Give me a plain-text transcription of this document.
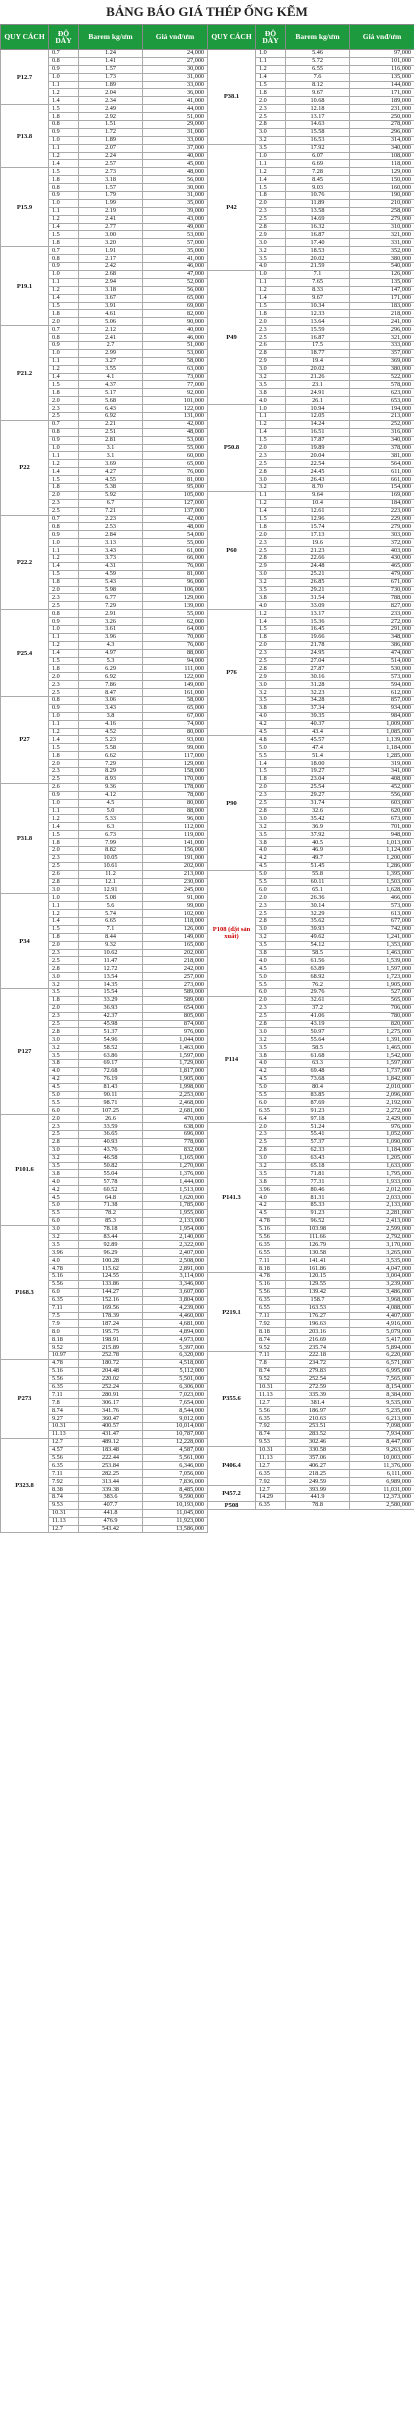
BẢNG BÁO GIÁ THÉP ỐNG KẼM
QUY CÁCH	ĐỘ DÀY	Barem kg/ưm	Giá vnđ/ưm
P12.7	0.7	1.24	24,000
	0.8	1.41	27,000
	0.9	1.57	30,000
	1.0	1.73	31,000
	1.1	1.89	33,000
	1.2	2.04	36,000
	1.4	2.34	41,000
P13.8	1.5	2.49	44,000
	1.8	2.92	51,000
	0.8	1.51	29,000
	0.9	1.72	31,000
	1.0	1.89	33,000
	1.1	2.07	37,000
	1.2	2.24	40,000
	1.4	2.57	45,000
P15.9	1.5	2.73	48,000
	1.8	3.18	56,000
	0.8	1.57	30,000
	0.9	1.79	31,000
	1.0	1.99	35,000
	1.1	2.19	39,000
	1.2	2.41	43,000
	1.4	2.77	49,000
	1.5	3.00	53,000
	1.8	3.20	57,000
P19.1	0.7	1.91	35,000
	0.8	2.17	41,000
	0.9	2.42	46,000
	1.0	2.68	47,000
	1.1	2.94	52,000
	1.2	3.18	56,000
	1.4	3.67	65,000
	1.5	3.91	69,000
	1.8	4.61	82,000
	2.0	5.06	90,000
P21.2	0.7	2.12	40,000
	0.8	2.41	46,000
	0.9	2.7	51,000
	1.0	2.99	53,000
	1.1	3.27	58,000
	1.2	3.55	63,000
	1.4	4.1	73,000
	1.5	4.37	77,000
	1.8	5.17	92,000
	2.0	5.68	101,000
	2.3	6.43	122,000
	2.5	6.92	131,000
P22	0.7	2.21	42,000
	0.8	2.51	48,000
	0.9	2.81	53,000
	1.0	3.1	55,000
	1.1	3.1	60,000
	1.2	3.69	65,000
	1.4	4.27	76,000
	1.5	4.55	81,000
	1.8	5.38	95,000
	2.0	5.92	105,000
	2.3	6.7	127,000
	2.5	7.21	137,000
P22.2	0.7	2.23	42,000
	0.8	2.53	48,000
	0.9	2.84	54,000
	1.0	3.13	55,000
	1.1	3.43	61,000
	1.2	3.73	66,000
	1.4	4.31	76,000
	1.5	4.59	81,000
	1.8	5.43	96,000
	2.0	5.98	106,000
	2.3	6.77	129,000
	2.5	7.29	139,000
P25.4	0.8	2.91	55,000
	0.9	3.26	62,000
	1.0	3.61	64,000
	1.1	3.96	70,000
	1.2	4.3	76,000
	1.4	4.97	88,000
	1.5	5.3	94,000
	1.8	6.29	111,000
	2.0	6.92	122,000
	2.3	7.86	149,000
	2.5	8.47	161,000
P27	0.8	3.06	58,000
	0.9	3.43	65,000
	1.0	3.8	67,000
	1.1	4.16	74,000
	1.2	4.52	80,000
	1.4	5.23	93,000
	1.5	5.58	99,000
	1.8	6.62	117,000
	2.0	7.29	129,000
	2.3	8.29	158,000
	2.5	8.93	170,000
P31.8	2.6	9.36	178,000
	0.9	4.12	78,000
	1.0	4.5	80,000
	1.1	5.0	88,000
	1.2	5.33	96,000
	1.4	6.3	112,000
	1.5	6.73	119,000
	1.8	7.99	141,000
	2.0	8.82	156,000
	2.3	10.05	191,000
	2.5	10.61	202,000
	2.6	11.2	213,000
	2.8	12.1	230,000
	3.0	12.91	245,000
P34	1.0	5.08	91,000
	1.1	5.6	99,000
	1.2	5.74	102,000
	1.4	6.65	118,000
	1.5	7.1	126,000
	1.8	8.44	149,000
	2.0	9.32	165,000
	2.3	10.62	202,000
	2.5	11.47	218,000
	2.8	12.72	242,000
	3.0	13.54	257,000
	3.2	14.35	273,000
P127	3.5	15.54	589,000
	1.8	33.29	589,000
	2.0	36.93	654,000
	2.3	42.37	805,000
	2.5	45.98	874,000
	2.8	51.37	976,000
	3.0	54.96	1,044,000
	3.2	58.52	1,463,000
	3.5	63.86	1,597,000
	3.8	69.17	1,729,000
	4.0	72.68	1,817,000
	4.2	76.19	1,905,000
	4.5	81.43	1,998,000
	5.0	90.11	2,253,000
	5.5	98.71	2,468,000
	6.0	107.25	2,681,000
P101.6	2.0	26.6	470,000
	2.3	33.59	638,000
	2.5	36.65	696,000
	2.8	40.93	778,000
	3.0	43.76	832,000
	3.2	46.58	1,165,000
	3.5	50.82	1,270,000
	3.8	55.04	1,376,000
	4.0	57.78	1,444,000
	4.2	60.52	1,513,000
	4.5	64.8	1,620,000
	5.0	71.38	1,785,000
	5.5	78.2	1,955,000
	6.0	85.3	2,133,000
P168.3	3.0	78.18	1,954,000
	3.2	83.44	2,140,000
	3.5	92.89	2,322,000
	3.96	96.29	2,407,000
	4.0	100.28	2,508,000
	4.78	115.62	2,891,000
	5.16	124.55	3,114,000
	5.56	133.86	3,346,000
	6.0	144.27	3,607,000
	6.35	152.16	3,804,000
	7.11	169.56	4,239,000
	7.5	178.39	4,460,000
	7.9	187.24	4,681,000
	8.0	195.75	4,894,000
	8.18	198.91	4,973,000
	9.52	215.89	5,397,000
	10.97	252.78	6,320,000
P273	4.78	180.72	4,518,000
	5.16	204.48	5,112,000
	5.56	220.02	5,501,000
	6.35	252.24	6,306,000
	7.11	280.91	7,023,000
	7.8	306.17	7,654,000
	8.74	341.76	8,544,000
	9.27	360.47	9,012,000
	10.31	400.57	10,014,000
	11.13	431.47	10,787,000
P323.8	12.7	489.12	12,228,000
	4.57	183.48	4,587,000
	5.56	222.44	5,561,000
	6.35	253.84	6,346,000
	7.11	282.25	7,056,000
	7.92	313.44	7,836,000
	8.38	339.38	8,485,000
	8.74	383.6	9,590,000
	9.53	407.7	10,193,000
	10.31	441.8	11,045,000
	11.13	476.9	11,923,000
	12.7	543.42	13,586,000
QUY CÁCH	ĐỘ DÀY	Barem kg/ưm	Giá vnđ/ưm
P38.1	1.0	5.46	97,000
	1.1	5.72	101,000
	1.2	6.55	116,000
	1.4	7.6	135,000
	1.5	8.12	144,000
	1.8	9.67	171,000
	2.0	10.68	189,000
	2.3	12.18	231,000
	2.5	13.17	250,000
	2.8	14.63	278,000
	3.0	15.58	296,000
	3.2	16.53	314,000
P42	3.5	17.92	340,000
	1.0	6.07	108,000
	1.1	6.69	118,000
	1.2	7.28	129,000
	1.4	8.45	150,000
	1.5	9.03	160,000
	1.8	10.76	190,000
	2.0	11.89	210,000
	2.3	13.58	258,000
	2.5	14.69	279,000
	2.8	16.32	310,000
	2.9	16.87	321,000
	3.0	17.40	331,000
	3.2	18.53	352,000
	3.5	20.02	380,000
	4.0	21.59	540,000
P49	1.0	7.1	126,000
	1.1	7.65	135,000
	1.2	8.33	147,000
	1.4	9.67	171,000
	1.5	10.34	183,000
	1.8	12.33	218,000
	2.0	13.64	241,000
	2.3	15.59	296,000
	2.5	16.87	321,000
	2.6	17.5	333,000
	2.8	18.77	357,000
	2.9	19.4	369,000
	3.0	20.02	380,000
	3.2	21.26	522,000
	3.5	23.1	578,000
	3.8	24.91	623,000
	4.0	26.1	653,000
P50.8	1.0	10.94	194,000
	1.1	12.05	213,000
	1.2	14.24	252,000
	1.4	16.51	316,000
	1.5	17.87	340,000
	2.0	19.89	378,000
	2.3	20.04	381,000
	2.5	22.54	564,000
	2.8	24.45	611,000
	3.0	26.43	661,000
	3.2	8.70	154,000
P60	1.1	9.64	169,000
	1.2	10.4	184,000
	1.4	12.61	223,000
	1.5	12.96	229,000
	1.8	15.74	279,000
	2.0	17.13	303,000
	2.3	19.6	372,000
	2.5	21.23	403,000
	2.8	22.66	430,000
	2.9	24.48	465,000
	3.0	25.21	479,000
	3.2	26.85	671,000
	3.5	29.21	730,000
	3.8	31.54	788,000
	4.0	33.09	827,000
P76	1.2	13.17	233,000
	1.4	15.36	272,000
	1.5	16.45	291,000
	1.8	19.66	348,000
	2.0	21.78	386,000
	2.3	24.95	474,000
	2.5	27.04	514,000
	2.8	27.87	530,000
	2.9	30.16	573,000
	3.0	31.28	594,000
	3.2	32.23	612,000
	3.5	34.28	857,000
	3.8	37.34	934,000
	4.0	39.35	984,000
	4.2	40.37	1,009,000
	4.5	43.4	1,085,000
P90	4.8	45.57	1,139,000
	5.0	47.4	1,184,000
	5.5	51.4	1,285,000
	1.4	18.00	319,000
	1.5	19.27	341,000
	1.8	23.04	408,000
	2.0	25.54	452,000
	2.3	29.27	556,000
	2.5	31.74	603,000
	2.8	32.6	620,000
	3.0	35.42	673,000
	3.2	36.9	701,000
	3.5	37.92	948,000
	3.8	40.5	1,013,000
	4.0	46.9	1,124,000
	4.2	49.7	1,200,000
	4.5	51.45	1,286,000
P108 (đặt sản xuất)	5.0	55.8	1,395,000
	5.5	60.11	1,503,000
	6.0	65.1	1,628,000
	2.0	26.36	466,000
	2.3	30.14	573,000
	2.5	32.29	613,000
	2.8	35.62	677,000
	3.0	39.93	742,000
	3.2	49.62	1,241,000
	3.5	54.12	1,353,000
	3.8	58.5	1,463,000
	4.0	61.56	1,539,000
	4.5	63.89	1,597,000
	5.0	68.92	1,723,000
	5.5	76.2	1,905,000
	6.0	29.76	527,000
P114	2.0	32.61	565,000
	2.3	37.2	706,000
	2.5	41.06	780,000
	2.8	43.19	820,000
	3.0	50.97	1,275,000
	3.2	55.64	1,391,000
	3.5	58.5	1,465,000
	3.8	61.68	1,542,000
	4.0	63.3	1,597,000
	4.2	69.48	1,737,000
	4.5	73.68	1,842,000
	5.0	80.4	2,010,000
	5.5	83.85	2,096,000
	6.0	87.69	2,192,000
	6.35	91.23	2,272,000
	6.4	97.18	2,429,000
P141.3	2.0	51.24	976,000
	2.3	55.41	1,052,000
	2.5	57.37	1,090,000
	2.8	62.33	1,184,000
	3.0	63.43	1,205,000
	3.2	65.18	1,633,000
	3.5	71.81	1,795,000
	3.8	77.31	1,933,000
	3.96	80.46	2,012,000
	4.0	81.31	2,033,000
	4.2	85.33	2,133,000
	4.5	91.23	2,281,000
	4.78	96.52	2,413,000
	5.16	103.98	2,599,000
	5.56	111.66	2,792,000
	6.35	126.79	3,170,000
	6.55	130.58	3,265,000
	7.11	141.41	3,535,000
	8.18	161.86	4,047,000
P219.1	4.78	120.15	3,004,000
	5.16	129.55	3,239,000
	5.56	139.42	3,486,000
	6.35	158.7	3,968,000
	6.55	163.53	4,088,000
	7.11	176.27	4,407,000
	7.92	196.63	4,916,000
	8.18	203.16	5,079,000
	8.74	216.69	5,417,000
	9.52	235.74	5,894,000
P355.6	7.11	222.18	6,220,000
	7.8	234.72	6,571,000
	8.74	279.83	6,995,000
	9.52	252.54	7,565,000
	10.31	272.59	8,154,000
	11.13	335.39	8,384,000
	12.7	381.4	9,535,000
	5.56	186.97	5,235,000
	6.35	210.63	6,213,000
	7.92	253.51	7,098,000
	8.74	283.52	7,934,000
	9.53	302.46	8,447,000
P406.4	10.31	330.58	9,263,000
	11.13	357.06	10,003,000
	12.7	406.27	11,376,000
	6.35	218.25	6,111,000
	7.92	249.59	6,989,000
P457.2	12.7	393.99	11,031,000
	14.29	441.9	12,373,000
P508	6.35	78.8	2,580,000
